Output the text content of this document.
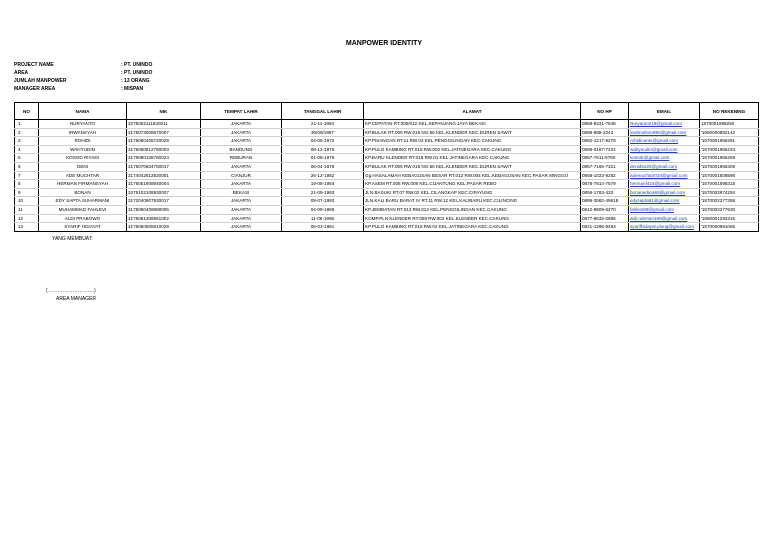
MANPOWER IDENTITY
PROJECT NAME	: PT. UNINDO
AREA	: PT. UNINDO
JUMLAH MANPOWER	: 13 ORANG
MANAGER AREA	: MISPAN
NO	NAMA	NIK	TEMPAT LAHIR	TANGGAL LAHIR	ALAMAT	NO HP	EMAIL	NO REKENING
1	NURYANTO	3275052111840011	JAKARTA	21-11-1984	KP.CEPATAN RT.005/022 KEL.SEPANJANG JAYA BEKASI	0858-8331-7548	Nuryanto218@gmail.com	1570001998250
2	IRWANSYAH	3175073008870007	JAKARTA	30/08/1987	KP.BULAK RT.005 RW.016 NO.56 KEL.KLENDER KEC.DUREN SAWIT	0898-988-2243	lewiirosbon890@gmail.com	'1660000882142
3	ROHIDI	3175060405720029	JAKARTA	04-05-1972	KP.PISANGAN RT.11 RW.03 KEL.PENGGILINGAN KEC.CAKUNG	0882-1217-8278	rohidicantu@gmail.com	'1570001966291
4	WAHYUDIN	3175060812750003	BANDUNG	08-12-1975	KP.PULO KAMBING RT.015 RW.002 KEL.JATINEGARA KEC.CAKUNG	0896-0187-7224	wahyuudin@gmail.com	'1570001966234
5	KOSOD RIYADI	3175080108760024	REBURAN	01-08-1976	KP.BARU KLENDER RT.016 RW.01 KEL.JATINEGARA KEC.CAKUNG	0857-7611-5760	kosodr@gmail.com	'1570001966259
6	DENI	3175070604760017	JAKARTA	06-04-1976	KP.BULAK RT.005 RW.016 NO.56 KEL.KLENDER KEC.DUREN SAWIT	0857-7166-7321	denid5420@gmail.com	'1570001966309
7	ADE MUCHTAR	3174042612820001	CIANJUR	26-12-1982	Gg.HASALAMAH KEBAGUSAN BESAR RT.012 RW.004 KEL.KEBAGUSAN KEC.PASAR MINGGU	0858-1023-9282	ademuchtar034@gmail.com	'1570001608596
8	HERMAN FIRMANSYAH	3175051908840004	JAKARTA	19-08-1984	KP.ASEM RT.008 RW.009 KEL.CIJANTUNG KEL.PASAR REBO	0878-7814-7579	hermanf424@gmail.com	'1570001598318
9	BONAN	3275102108930007	BEKASI	21-09-1993	JLN.BASUKI RT.07 RW.02 KEL.CILANGKAP KEC.CIPAYUNG	0856-1763-433	bonanedara69@gmail.com	'1570002974294
10	EDY SAPTA SUHARMANI	3172040907930017	JAKARTA	09-07-1993	JLN.KALI BARU BARAT IV RT.11 RW.12 KEL.KALIBARU KEC.CILINCING	0895-3582-49618	edysapta81@gmail.com	'1570002277358
11	MUHAMMAD FAHLEVI	3175060409880005	JAKARTA	04-09-1988	KP.JEMBATAN RT.013 RW.012 KEL.PENGGILINGAN KEC.CAKUNG	0812-9809-6270	fahlevi59@gmail.com	'1570002277630
12	ALDI PRABOWO	3175061306951002	JAKARTA	11-06-1995	KOMP.PLN KLENDER RT.009 RW.002 KEL.KLENDER KEC.CAKUNG	0877-8632-0695	aldi.rahman199@gmail.com	'1660001293315
13	SYARIF HIDAYAT	3175060505810029	JAKARTA	05-03-1981	KP.PULO KAMBING RT.015 RW.02 KEL.JATINEGARA KEC.CAKUNG	0821-1296-8493	syarifhidayat.plong@gmail.com	'1570000991065
YANG MEMBUAT:
(……………………….)
AREA MANAGER
